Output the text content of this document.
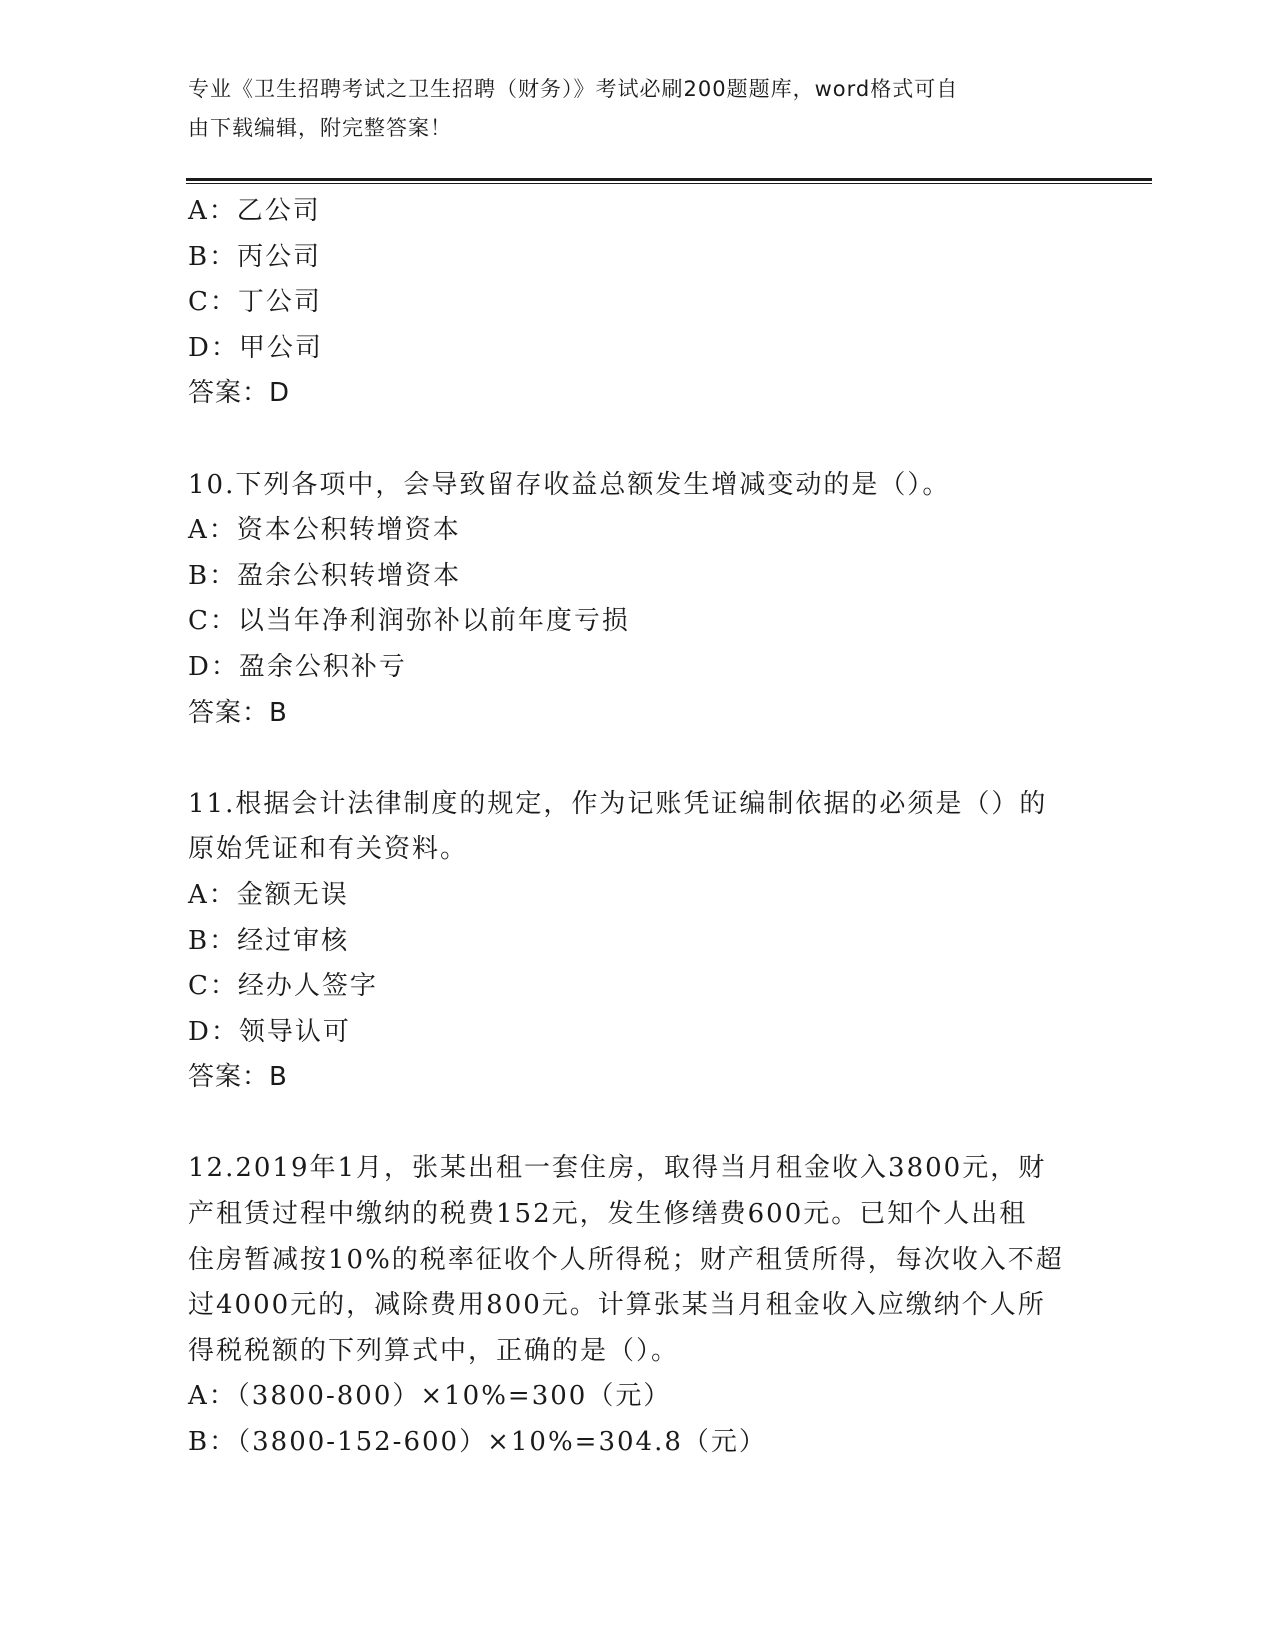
专业《卫生招聘考试之卫生招聘（财务）》考试必刷200题题库，word格式可自
由下载编辑，附完整答案！
A：乙公司
B：丙公司
C：丁公司
D：甲公司
答案：D
10.下列各项中，会导致留存收益总额发生增减变动的是（）。
A：资本公积转增资本
B：盈余公积转增资本
C：以当年净利润弥补以前年度亏损
D：盈余公积补亏
答案：B
11.根据会计法律制度的规定，作为记账凭证编制依据的必须是（）的
原始凭证和有关资料。
A：金额无误
B：经过审核
C：经办人签字
D：领导认可
答案：B
12.2019年1月，张某出租一套住房，取得当月租金收入3800元，财
产租赁过程中缴纳的税费152元，发生修缮费600元。已知个人出租
住房暂减按10%的税率征收个人所得税；财产租赁所得，每次收入不超
过4000元的，减除费用800元。计算张某当月租金收入应缴纳个人所
得税税额的下列算式中，正确的是（）。
A：（3800-800）×10%=300（元）
B：（3800-152-600）×10%=304.8（元）
